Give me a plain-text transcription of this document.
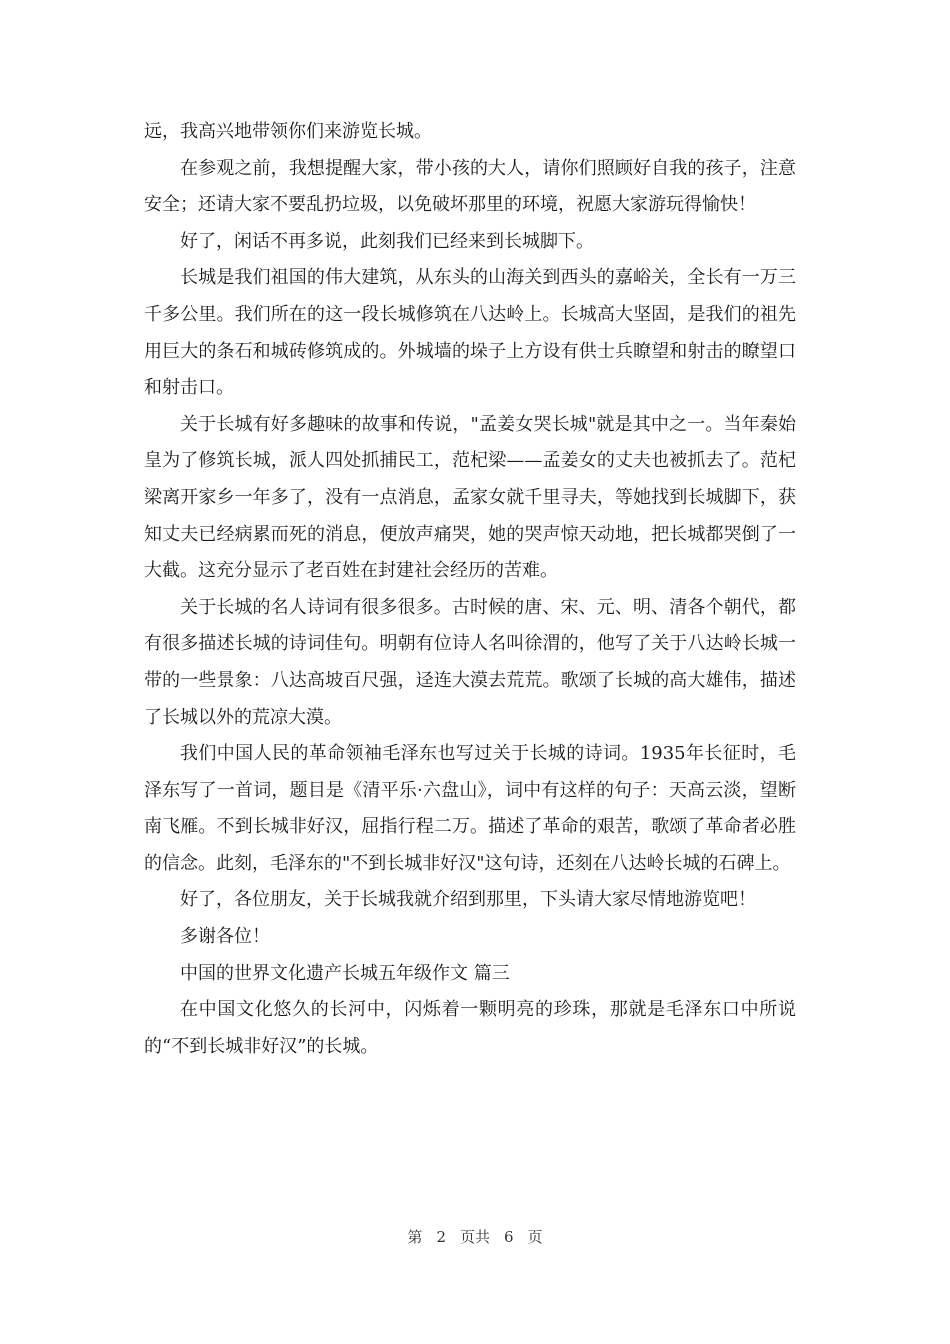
远，我高兴地带领你们来游览长城。

在参观之前，我想提醒大家，带小孩的大人，请你们照顾好自我的孩子，注意安全；还请大家不要乱扔垃圾，以免破坏那里的环境，祝愿大家游玩得愉快！

好了，闲话不再多说，此刻我们已经来到长城脚下。

长城是我们祖国的伟大建筑，从东头的山海关到西头的嘉峪关，全长有一万三千多公里。我们所在的这一段长城修筑在八达岭上。长城高大坚固，是我们的祖先用巨大的条石和城砖修筑成的。外城墙的垛子上方设有供士兵瞭望和射击的瞭望口和射击口。

关于长城有好多趣味的故事和传说，"孟姜女哭长城"就是其中之一。当年秦始皇为了修筑长城，派人四处抓捕民工，范杞梁——孟姜女的丈夫也被抓去了。范杞梁离开家乡一年多了，没有一点消息，孟家女就千里寻夫，等她找到长城脚下，获知丈夫已经病累而死的消息，便放声痛哭，她的哭声惊天动地，把长城都哭倒了一大截。这充分显示了老百姓在封建社会经历的苦难。

关于长城的名人诗词有很多很多。古时候的唐、宋、元、明、清各个朝代，都有很多描述长城的诗词佳句。明朝有位诗人名叫徐渭的，他写了关于八达岭长城一带的一些景象：八达高坡百尺强，迳连大漠去荒荒。歌颂了长城的高大雄伟，描述了长城以外的荒凉大漠。

我们中国人民的革命领袖毛泽东也写过关于长城的诗词。1935年长征时，毛泽东写了一首词，题目是《清平乐·六盘山》，词中有这样的句子：天高云淡，望断南飞雁。不到长城非好汉，屈指行程二万。描述了革命的艰苦，歌颂了革命者必胜的信念。此刻，毛泽东的"不到长城非好汉"这句诗，还刻在八达岭长城的石碑上。

好了，各位朋友，关于长城我就介绍到那里，下头请大家尽情地游览吧！

多谢各位！

中国的世界文化遗产长城五年级作文 篇三

在中国文化悠久的长河中，闪烁着一颗明亮的珍珠，那就是毛泽东口中所说的“不到长城非好汉”的长城。

第 2 页共 6 页
